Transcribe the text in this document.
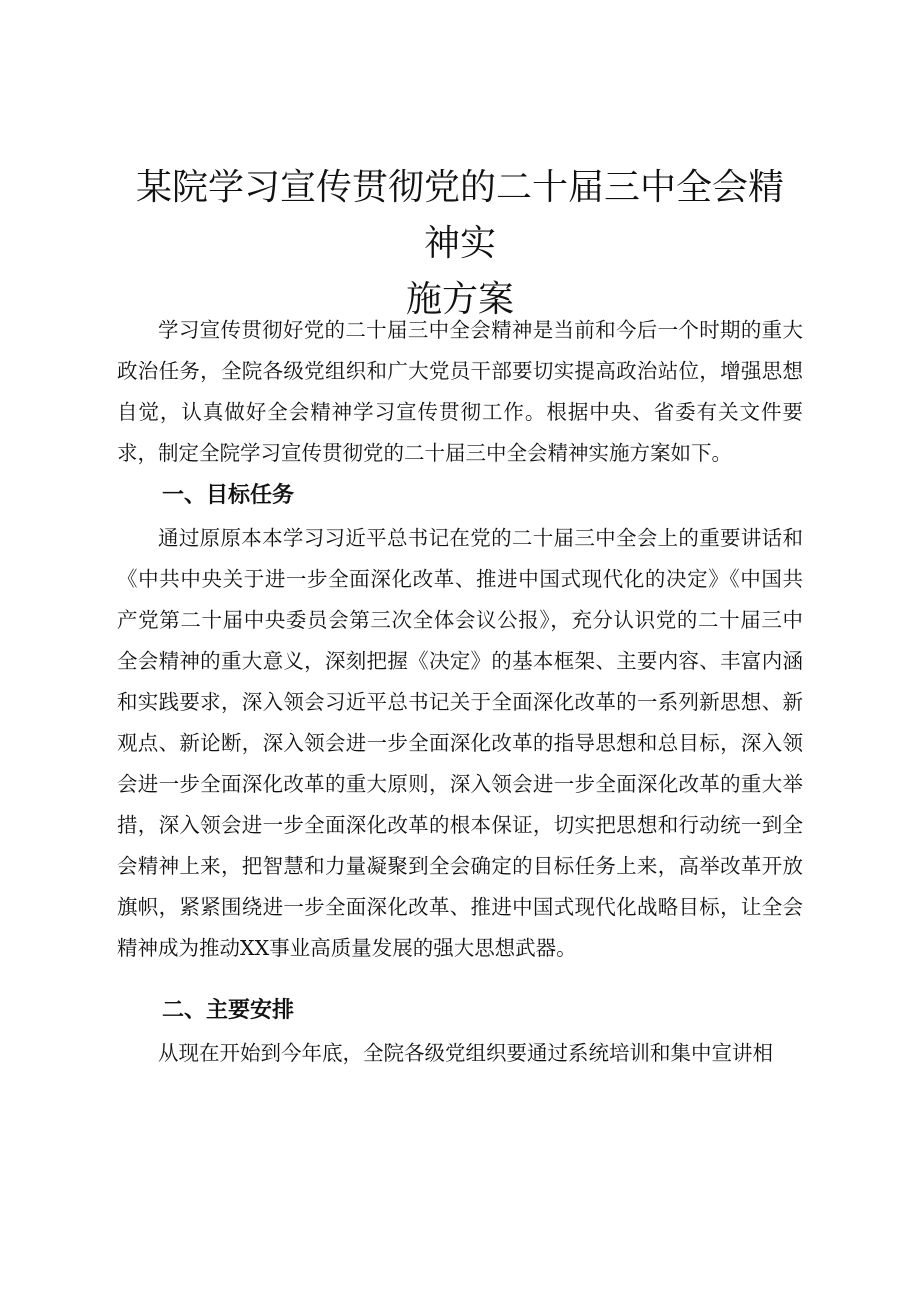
某院学习宣传贯彻党的二十届三中全会精神实
施方案

学习宣传贯彻好党的二十届三中全会精神是当前和今后一个时期的重大政治任务，全院各级党组织和广大党员干部要切实提高政治站位，增强思想自觉，认真做好全会精神学习宣传贯彻工作。根据中央、省委有关文件要求，制定全院学习宣传贯彻党的二十届三中全会精神实施方案如下。

一、目标任务

通过原原本本学习习近平总书记在党的二十届三中全会上的重要讲话和《中共中央关于进一步全面深化改革、推进中国式现代化的决定》《中国共产党第二十届中央委员会第三次全体会议公报》，充分认识党的二十届三中全会精神的重大意义，深刻把握《决定》的基本框架、主要内容、丰富内涵和实践要求，深入领会习近平总书记关于全面深化改革的一系列新思想、新观点、新论断，深入领会进一步全面深化改革的指导思想和总目标，深入领会进一步全面深化改革的重大原则，深入领会进一步全面深化改革的重大举措，深入领会进一步全面深化改革的根本保证，切实把思想和行动统一到全会精神上来，把智慧和力量凝聚到全会确定的目标任务上来，高举改革开放旗帜，紧紧围绕进一步全面深化改革、推进中国式现代化战略目标，让全会精神成为推动XX事业高质量发展的强大思想武器。

二、主要安排

从现在开始到今年底，全院各级党组织要通过系统培训和集中宣讲相
